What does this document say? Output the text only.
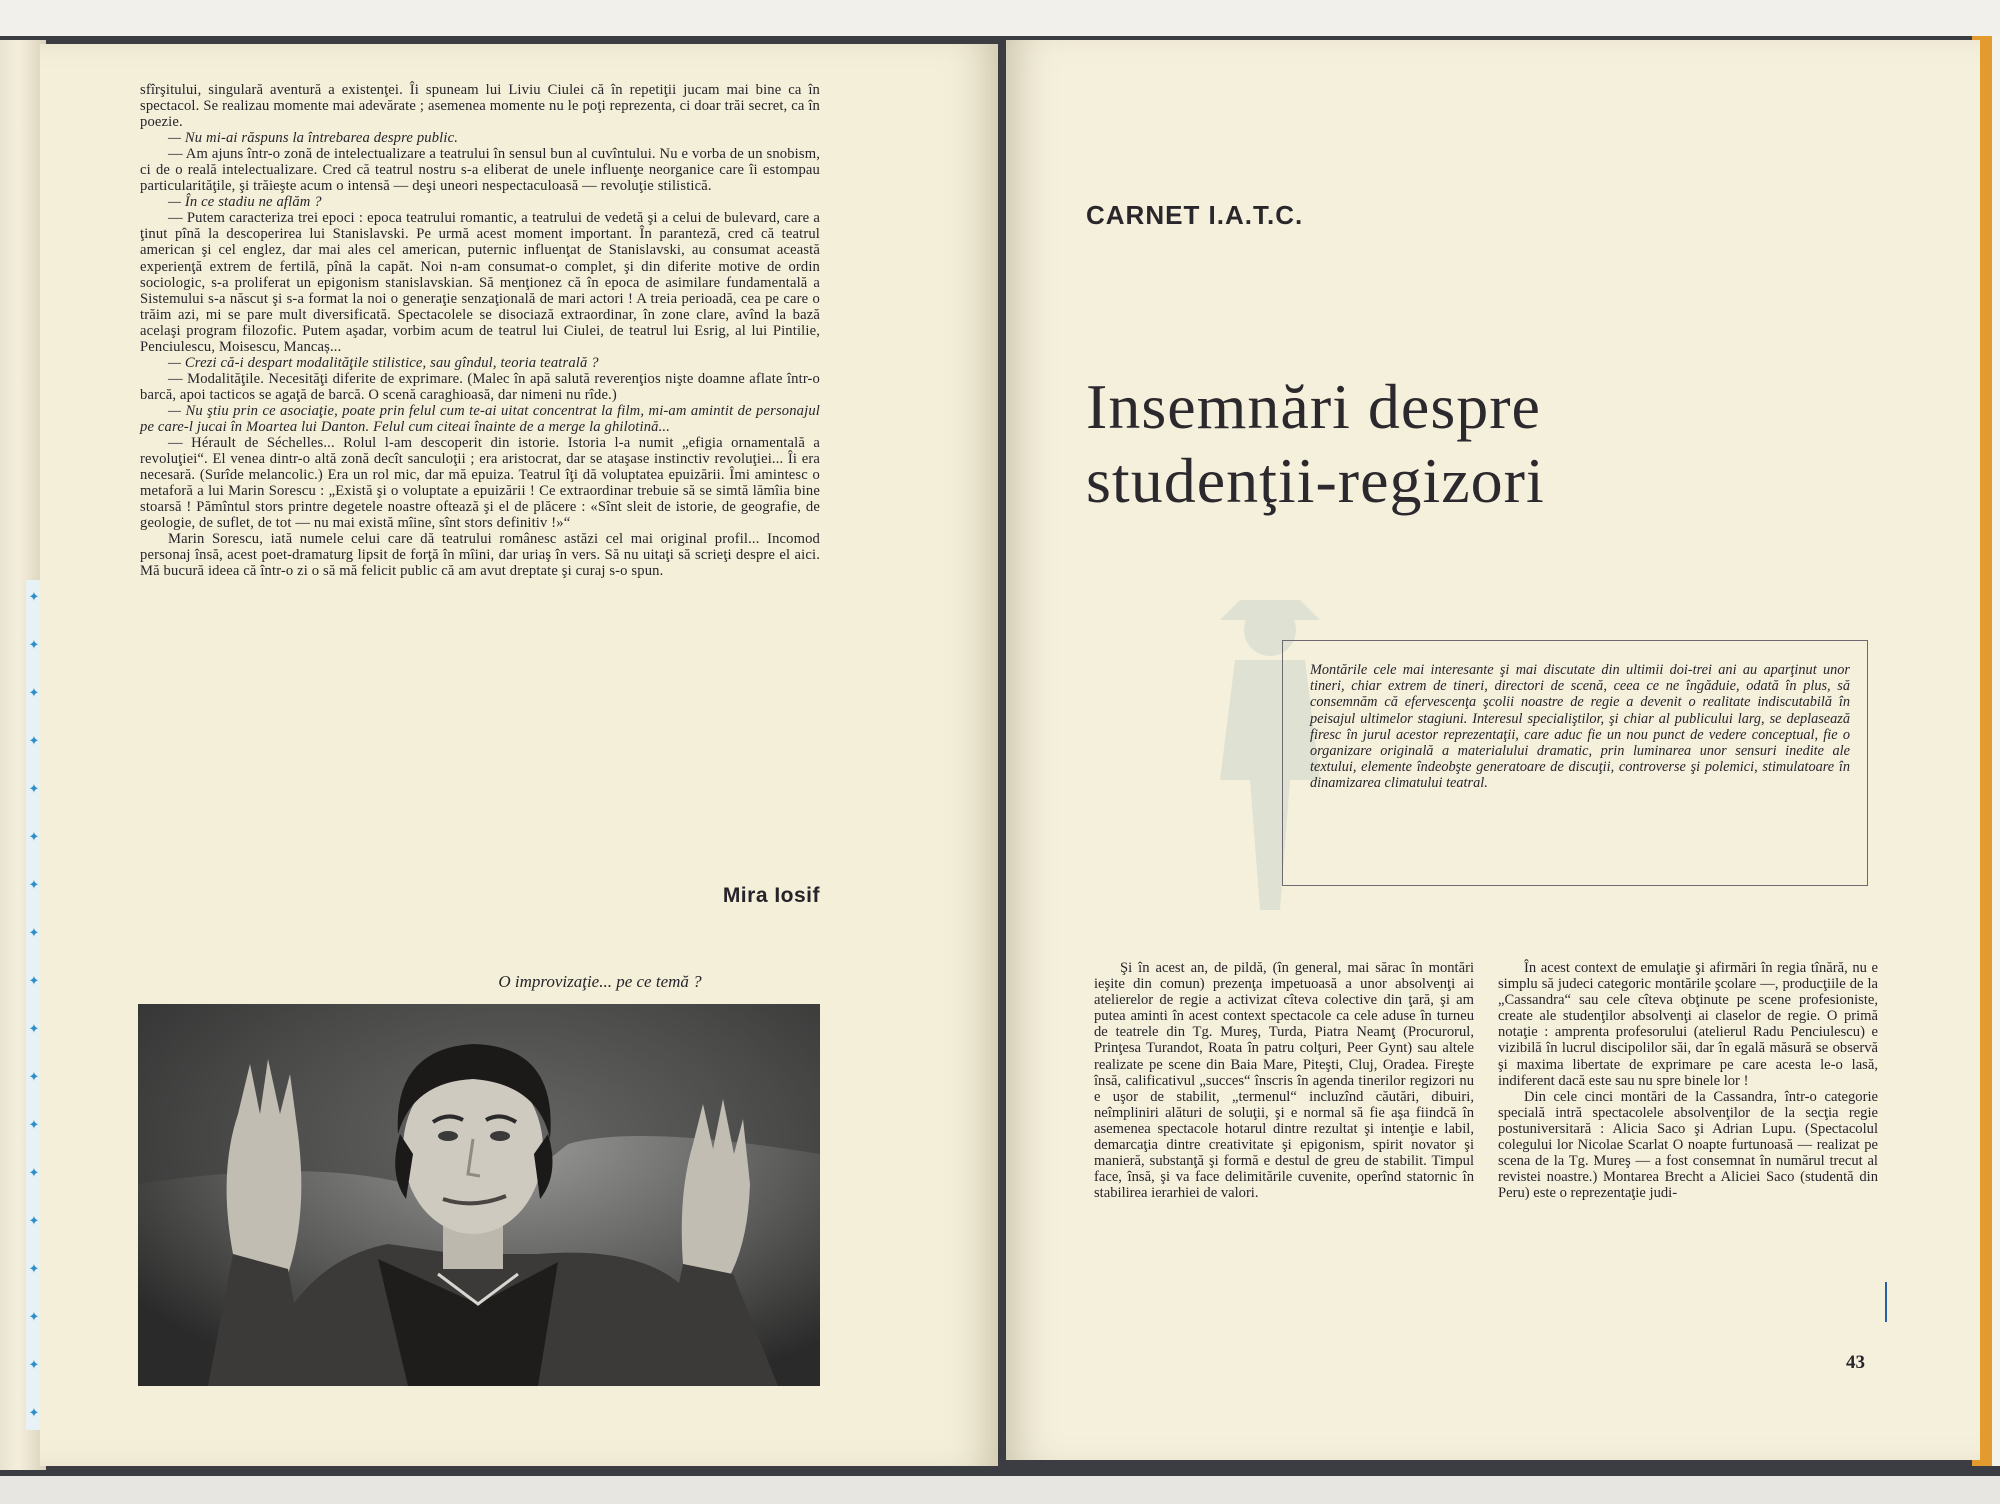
sfîrşitului, singulară aventură a existenţei. Îi spuneam lui Liviu Ciulei că în repetiţii jucam mai bine ca în spectacol. Se realizau momente mai adevărate ; asemenea momente nu le poţi reprezenta, ci doar trăi secret, ca în poezie.

— Nu mi-ai răspuns la întrebarea despre public.

— Am ajuns într-o zonă de intelectualizare a teatrului în sensul bun al cuvîntului. Nu e vorba de un snobism, ci de o reală intelectualizare. Cred că teatrul nostru s-a eliberat de unele influenţe neorganice care îi estompau particularităţile, şi trăieşte acum o intensă — deşi uneori nespectaculoasă — revoluţie stilistică.

— În ce stadiu ne aflăm ?

— Putem caracteriza trei epoci : epoca teatrului romantic, a teatrului de vedetă şi a celui de bulevard, care a ţinut pînă la descoperirea lui Stanislavski. Pe urmă acest moment important. În paranteză, cred că teatrul american şi cel englez, dar mai ales cel american, puternic influenţat de Stanislavski, au consumat această experienţă extrem de fertilă, pînă la capăt. Noi n-am consumat-o complet, şi din diferite motive de ordin sociologic, s-a proliferat un epigonism stanislavskian. Să menţionez că în epoca de asimilare fundamentală a Sistemului s-a născut şi s-a format la noi o generaţie senzaţională de mari actori ! A treia perioadă, cea pe care o trăim azi, mi se pare mult diversificată. Spectacolele se disociază extraordinar, în zone clare, avînd la bază acelaşi program filozofic. Putem aşadar, vorbim acum de teatrul lui Ciulei, de teatrul lui Esrig, al lui Pintilie, Penciulescu, Moisescu, Mancaș...

— Crezi că-i despart modalităţile stilistice, sau gîndul, teoria teatrală ?

— Modalităţile. Necesităţi diferite de exprimare. (Malec în apă salută reverenţios nişte doamne aflate într-o barcă, apoi tacticos se agaţă de barcă. O scenă caraghioasă, dar nimeni nu rîde.)

— Nu ştiu prin ce asociaţie, poate prin felul cum te-ai uitat concentrat la film, mi-am amintit de personajul pe care-l jucai în Moartea lui Danton. Felul cum citeai înainte de a merge la ghilotină...

— Hérault de Séchelles... Rolul l-am descoperit din istorie. Istoria l-a numit „efigia ornamentală a revoluţiei“. El venea dintr-o altă zonă decît sanculoţii ; era aristocrat, dar se ataşase instinctiv revoluţiei... Îi era necesară. (Surîde melancolic.) Era un rol mic, dar mă epuiza. Teatrul îţi dă voluptatea epuizării. Îmi amintesc o metaforă a lui Marin Sorescu : „Există şi o voluptate a epuizării ! Ce extraordinar trebuie să se simtă lămîia bine stoarsă ! Pămîntul stors printre degetele noastre oftează şi el de plăcere : «Sînt sleit de istorie, de geografie, de geologie, de suflet, de tot — nu mai există mîine, sînt stors definitiv !»“

Marin Sorescu, iată numele celui care dă teatrului românesc astăzi cel mai original profil... Incomod personaj însă, acest poet-dramaturg lipsit de forţă în mîini, dar uriaş în vers. Să nu uitaţi să scrieţi despre el aici. Mă bucură ideea că într-o zi o să mă felicit public că am avut dreptate şi curaj s-o spun.

Mira Iosif
O improvizaţie... pe ce temă ?
✦
✦
✦
✦
✦
✦
✦
✦
✦
✦
✦
✦
✦
✦
✦
✦
✦
✦
CARNET I.A.T.C.
Insemnări despre
studenţii-regizori
Montările cele mai interesante şi mai discutate din ultimii doi-trei ani au aparţinut unor tineri, chiar extrem de tineri, directori de scenă, ceea ce ne îngăduie, odată în plus, să consemnăm că efervescenţa şcolii noastre de regie a devenit o realitate indiscutabilă în peisajul ultimelor stagiuni. Interesul specialiştilor, şi chiar al publicului larg, se deplasează firesc în jurul acestor reprezentaţii, care aduc fie un nou punct de vedere conceptual, fie o organizare originală a materialului dramatic, prin luminarea unor sensuri inedite ale textului, elemente îndeobşte generatoare de discuţii, controverse şi polemici, stimulatoare în dinamizarea climatului teatral.

Şi în acest an, de pildă, (în general, mai sărac în montări ieşite din comun) prezenţa impetuoasă a unor absolvenţi ai atelierelor de regie a activizat cîteva colective din ţară, şi am putea aminti în acest context spectacole ca cele aduse în turneu de teatrele din Tg. Mureş, Turda, Piatra Neamţ (Procurorul, Prinţesa Turandot, Roata în patru colţuri, Peer Gynt) sau altele realizate pe scene din Baia Mare, Piteşti, Cluj, Oradea. Fireşte însă, calificativul „succes“ înscris în agenda tinerilor regizori nu e uşor de stabilit, „termenul“ incluzînd căutări, dibuiri, neîmpliniri alături de soluţii, şi e normal să fie aşa fiindcă în asemenea spectacole hotarul dintre rezultat şi intenţie e labil, demarcaţia dintre creativitate şi epigonism, spirit novator şi manieră, substanţă şi formă e destul de greu de stabilit. Timpul face, însă, şi va face delimitările cuvenite, operînd statornic în stabilirea ierarhiei de valori.

În acest context de emulaţie şi afirmări în regia tînără, nu e simplu să judeci categoric montările şcolare —, producţiile de la „Cassandra“ sau cele cîteva obţinute pe scene profesioniste, create ale studenţilor absolvenţi ai claselor de regie. O primă notaţie : amprenta profesorului (atelierul Radu Penciulescu) e vizibilă în lucrul discipolilor săi, dar în egală măsură se observă şi maxima libertate de exprimare pe care acesta le-o lasă, indiferent dacă este sau nu spre binele lor !

Din cele cinci montări de la Cassandra, într-o categorie specială intră spectacolele absolvenţilor de la secţia regie postuniversitară : Alicia Saco şi Adrian Lupu. (Spectacolul colegului lor Nicolae Scarlat O noapte furtunoasă — realizat pe scena de la Tg. Mureş — a fost consemnat în numărul trecut al revistei noastre.) Montarea Brecht a Aliciei Saco (studentă din Peru) este o reprezentaţie judi-

43
